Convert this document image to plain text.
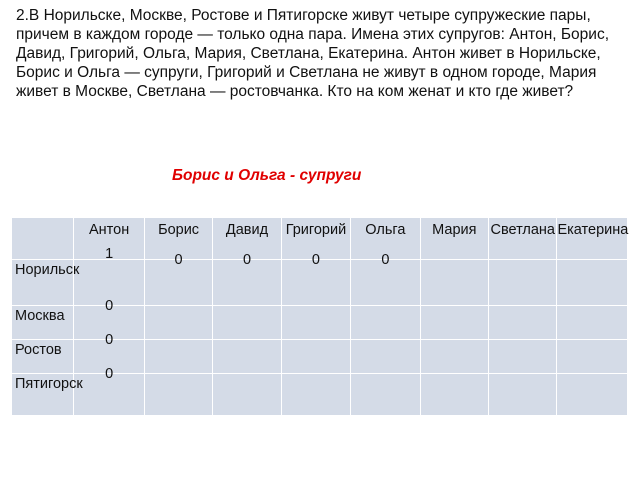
2.В Норильске, Москве, Ростове и Пятигорске живут четыре супружеские пары, причем в каждом городе — только одна пара. Имена этих супругов: Антон, Борис, Давид, Григорий, Ольга, Мария, Светлана, Екатерина. Антон живет в Норильске, Борис и Ольга — супруги, Григорий и Светлана не живут в одном городе, Мария живет в Москве, Светлана — ростовчанка. Кто на ком женат и кто где живет?
Борис и Ольга - супруги
	Антон	Борис	Давид	Григорий	Ольга	Мария	Светлана	Екатерина
Норильск	1	0	0	0	0			

Москва	0							

Ростов	0							

Пятигорск	0							
